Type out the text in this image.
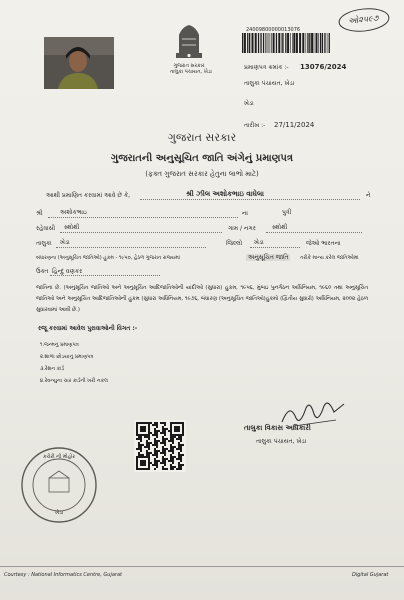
ગુજરાત સરકાર
તાલુકા પંચાયત, ખેડા
ઓ૨૫૯૭
24009800000013076
પ્રમાણપત્ર ક્રમાંક :- 13076/2024
તાલુકા પંચાયત, ખેડા
ખેડા
તારીખ :- 27/11/2024
ગુજરાત સરકાર
ગુજરાતની અનુસૂચિત જાતિ અંગેનું પ્રમાણપત્ર
(ફક્ત ગુજરાત સરકાર હેતુના લાભો માટે)
આથી પ્રમાણિત કરવામાં આવે છે કે,	શ્રી ઝીલ અશોકભાઇ વાઘેલા	ને
શ્રી	અશોકભાઇ	ના	પુત્રી
રહેવાસી સ્થોથી	ગામ / નગર	સ્થોથી
તાલુકા ખેડા	જિલ્લો ખેડા	જેઓ ભારતના
બંધારણના (અનુસૂચિત જાતિઓ) હુકમ - ૧૯૫૦, હેઠળ ગુજરાત રાજ્યમાં	અનુસૂચિત જાતિ	તરીકે માન્ય કરેલ જાતિઓમાં
ઉક્ત હિન્દુ વણકર
જાતિના છે. (અનુસૂચિત જાતિઓ અને અનુસૂચિત આદિજાતિઓની યાદીઓ (સુધારા) હુકમ, ૧૯૫૬, મુંબઇ પુનર્ગઠન અધિનિયમ, ૧૯૬૦ તથા અનુસૂચિત જાતિઓ અને અનુસૂચિત આદિજાતિઓની હુકમ (સુધારા અધિનિયમ, ૧૯૭૬, બંધારણ (અનુસૂચિત જાતિઓ)હુકમો (દ્વિતીય સુધારો) અધિનિયમ, ૨૦૦૨ હેઠળ સુધારવામાં આવી છે.)
રજૂ કરવામાં આવેલ પુરાવાઓની વિગત :-
૧.જન્મનું પ્રમાણપત્ર
૨.શાળા છોડયાનું પ્રમાણપત્ર
૩.રેશન કાર્ડ
૪.રેવન્યુના ચાર કાર્ડની ખરી નકલ
કચેરી ની મોહોર
ખેડા
તાલુકા વિકાસ અધિકારી
તાલુકા પંચાયત, ખેડા
Courtesy : National Informatics Centre, Gujarat	Digital Gujarat
